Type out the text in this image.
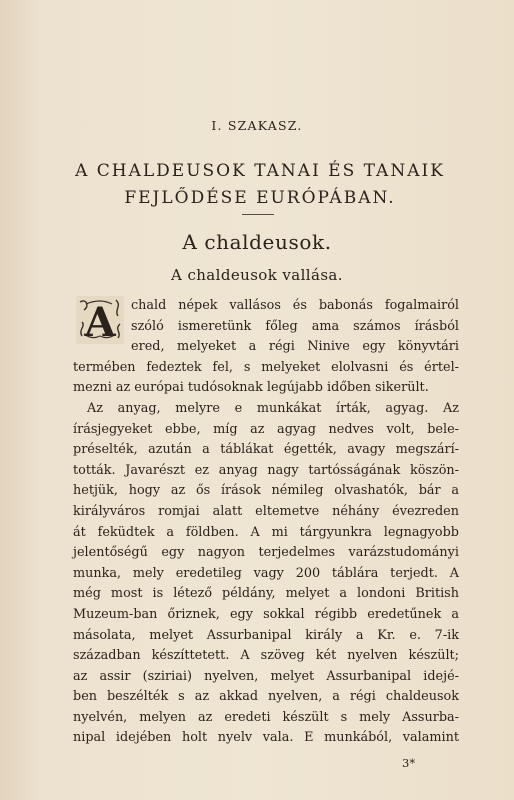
I. SZAKASZ.
A CHALDEUSOK TANAI ÉS TANAIK
FEJLŐDÉSE EURÓPÁBAN.
A chaldeusok.
A chaldeusok vallása.
A	chald népek vallásos és babonás fogalmairól
szóló ismeretünk főleg ama számos írásból
ered, melyeket a régi Ninive egy könyvtári
termében fedeztek fel, s melyeket elolvasni és értel-
mezni az európai tudósoknak legújabb időben sikerült.
Az anyag, melyre e munkákat írták, agyag. Az
írásjegyeket ebbe, míg az agyag nedves volt, bele-
préselték, azután a táblákat égették, avagy megszárí-
tották. Javarészt ez anyag nagy tartósságának köszön-
hetjük, hogy az ős írások némileg olvashatók, bár a
királyváros romjai alatt eltemetve néhány évezreden
át feküdtek a földben. A mi tárgyunkra legnagyobb
jelentőségű egy nagyon terjedelmes varázstudományi
munka, mely eredetileg vagy 200 táblára terjedt. A
még most is létező példány, melyet a londoni British
Muzeum-ban őriznek, egy sokkal régibb eredetűnek a
másolata, melyet Assurbanipal király a Kr. e. 7-ik
században készíttetett. A szöveg két nyelven készült;
az assir (sziriai) nyelven, melyet Assurbanipal idejé-
ben beszélték s az akkad nyelven, a régi chaldeusok
nyelvén, melyen az eredeti készült s mely Assurba-
nipal idejében holt nyelv vala. E munkából, valamint
3*
